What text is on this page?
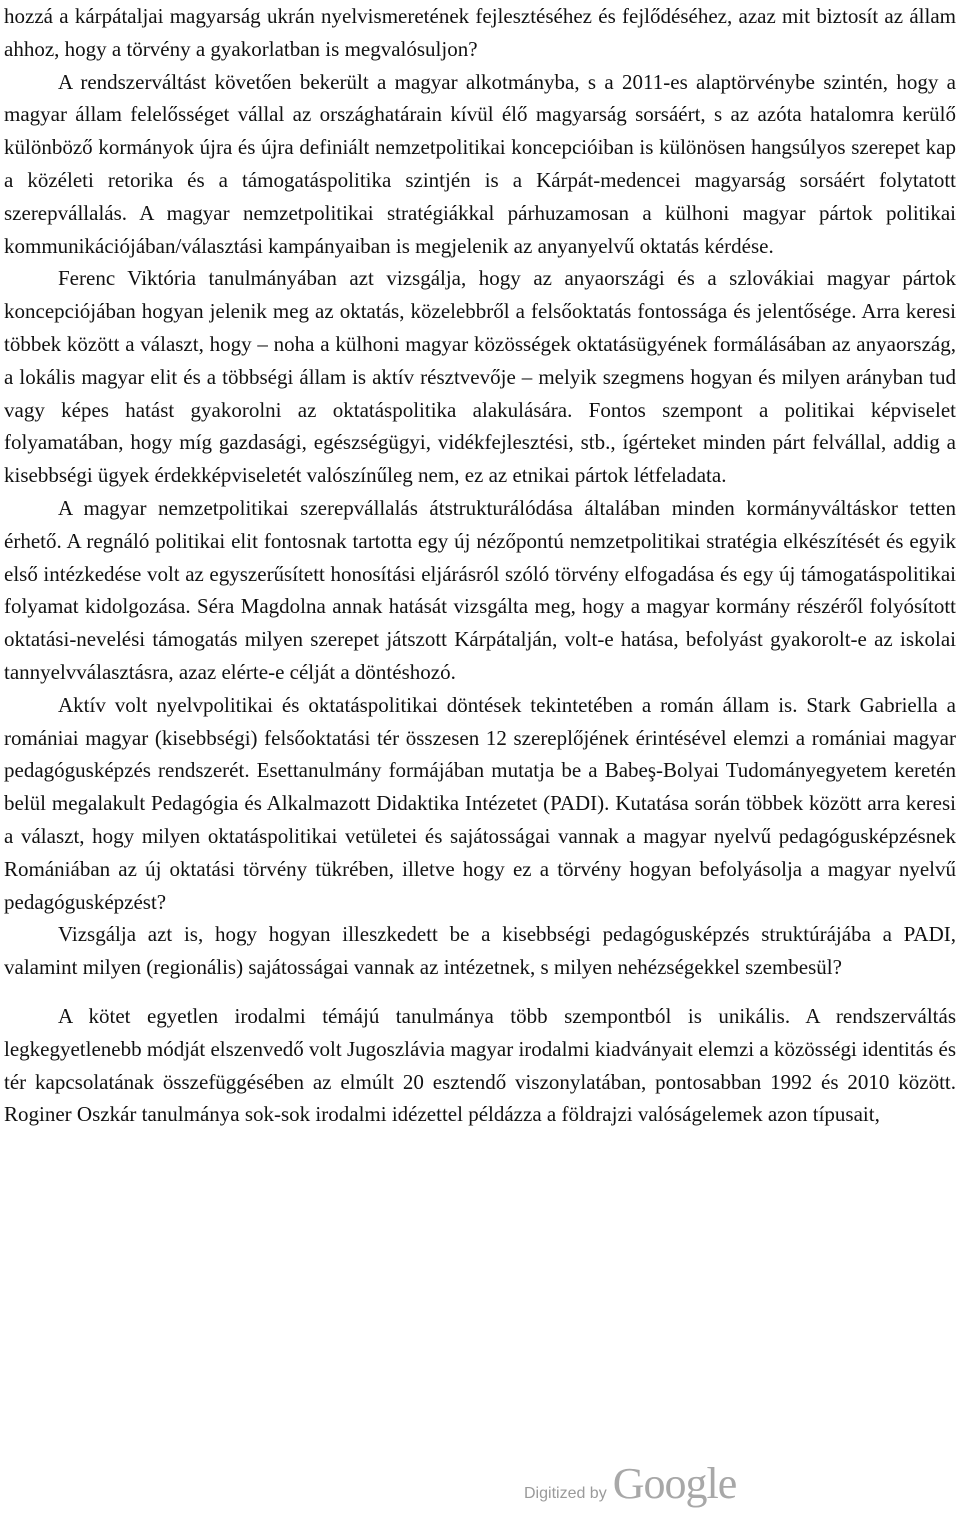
hozzá a kárpátaljai magyarság ukrán nyelvismeretének fejlesztéséhez és fejlődéséhez, azaz mit biztosít az állam ahhoz, hogy a törvény a gyakorlatban is megvalósuljon?

A rendszerváltást követően bekerült a magyar alkotmányba, s a 2011-es alaptörvénybe szintén, hogy a magyar állam felelősséget vállal az országhatárain kívül élő magyarság sorsáért, s az azóta hatalomra kerülő különböző kormányok újra és újra definiált nemzetpolitikai koncepcióiban is különösen hangsúlyos szerepet kap a közéleti retorika és a támogatáspolitika szintjén is a Kárpát-medencei magyarság sorsáért folytatott szerepvállalás. A magyar nemzetpolitikai stratégiákkal párhuzamosan a külhoni magyar pártok politikai kommunikációjában/választási kampányaiban is megjelenik az anyanyelvű oktatás kérdése.

Ferenc Viktória tanulmányában azt vizsgálja, hogy az anyaországi és a szlovákiai magyar pártok koncepciójában hogyan jelenik meg az oktatás, közelebbről a felsőoktatás fontossága és jelentősége. Arra keresi többek között a választ, hogy – noha a külhoni magyar közösségek oktatásügyének formálásában az anyaország, a lokális magyar elit és a többségi állam is aktív résztvevője – melyik szegmens hogyan és milyen arányban tud vagy képes hatást gyakorolni az oktatáspolitika alakulására. Fontos szempont a politikai képviselet folyamatában, hogy míg gazdasági, egészségügyi, vidékfejlesztési, stb., ígérteket minden párt felvállal, addig a kisebbségi ügyek érdekképviseletét valószínűleg nem, ez az etnikai pártok létfeladata.

A magyar nemzetpolitikai szerepvállalás átstrukturálódása általában minden kormányváltáskor tetten érhető. A regnáló politikai elit fontosnak tartotta egy új nézőpontú nemzetpolitikai stratégia elkészítését és egyik első intézkedése volt az egyszerűsített honosítási eljárásról szóló törvény elfogadása és egy új támogatáspolitikai folyamat kidolgozása. Séra Magdolna annak hatását vizsgálta meg, hogy a magyar kormány részéről folyósított oktatási-nevelési támogatás milyen szerepet játszott Kárpátalján, volt-e hatása, befolyást gyakorolt-e az iskolai tannyelvválasztásra, azaz elérte-e célját a döntéshozó.

Aktív volt nyelvpolitikai és oktatáspolitikai döntések tekintetében a román állam is. Stark Gabriella a romániai magyar (kisebbségi) felsőoktatási tér összesen 12 szereplőjének érintésével elemzi a romániai magyar pedagógusképzés rendszerét. Esettanulmány formájában mutatja be a Babeş-Bolyai Tudományegyetem keretén belül megalakult Pedagógia és Alkalmazott Didaktika Intézetet (PADI). Kutatása során többek között arra keresi a választ, hogy milyen oktatáspolitikai vetületei és sajátosságai vannak a magyar nyelvű pedagógusképzésnek Romániában az új oktatási törvény tükrében, illetve hogy ez a törvény hogyan befolyásolja a magyar nyelvű pedagógusképzést?

Vizsgálja azt is, hogy hogyan illeszkedett be a kisebbségi pedagógusképzés struktúrájába a PADI, valamint milyen (regionális) sajátosságai vannak az intézetnek, s milyen nehézségekkel szembesül?

A kötet egyetlen irodalmi témájú tanulmánya több szempontból is unikális. A rendszerváltás legkegyetlenebb módját elszenvedő volt Jugoszlávia magyar irodalmi kiadványait elemzi a közösségi identitás és tér kapcsolatának összefüggésében az elmúlt 20 esztendő viszonylatában, pontosabban 1992 és 2010 között. Roginer Oszkár tanulmánya sok-sok irodalmi idézettel példázza a földrajzi valóságelemek azon típusait,

Digitized by Google
